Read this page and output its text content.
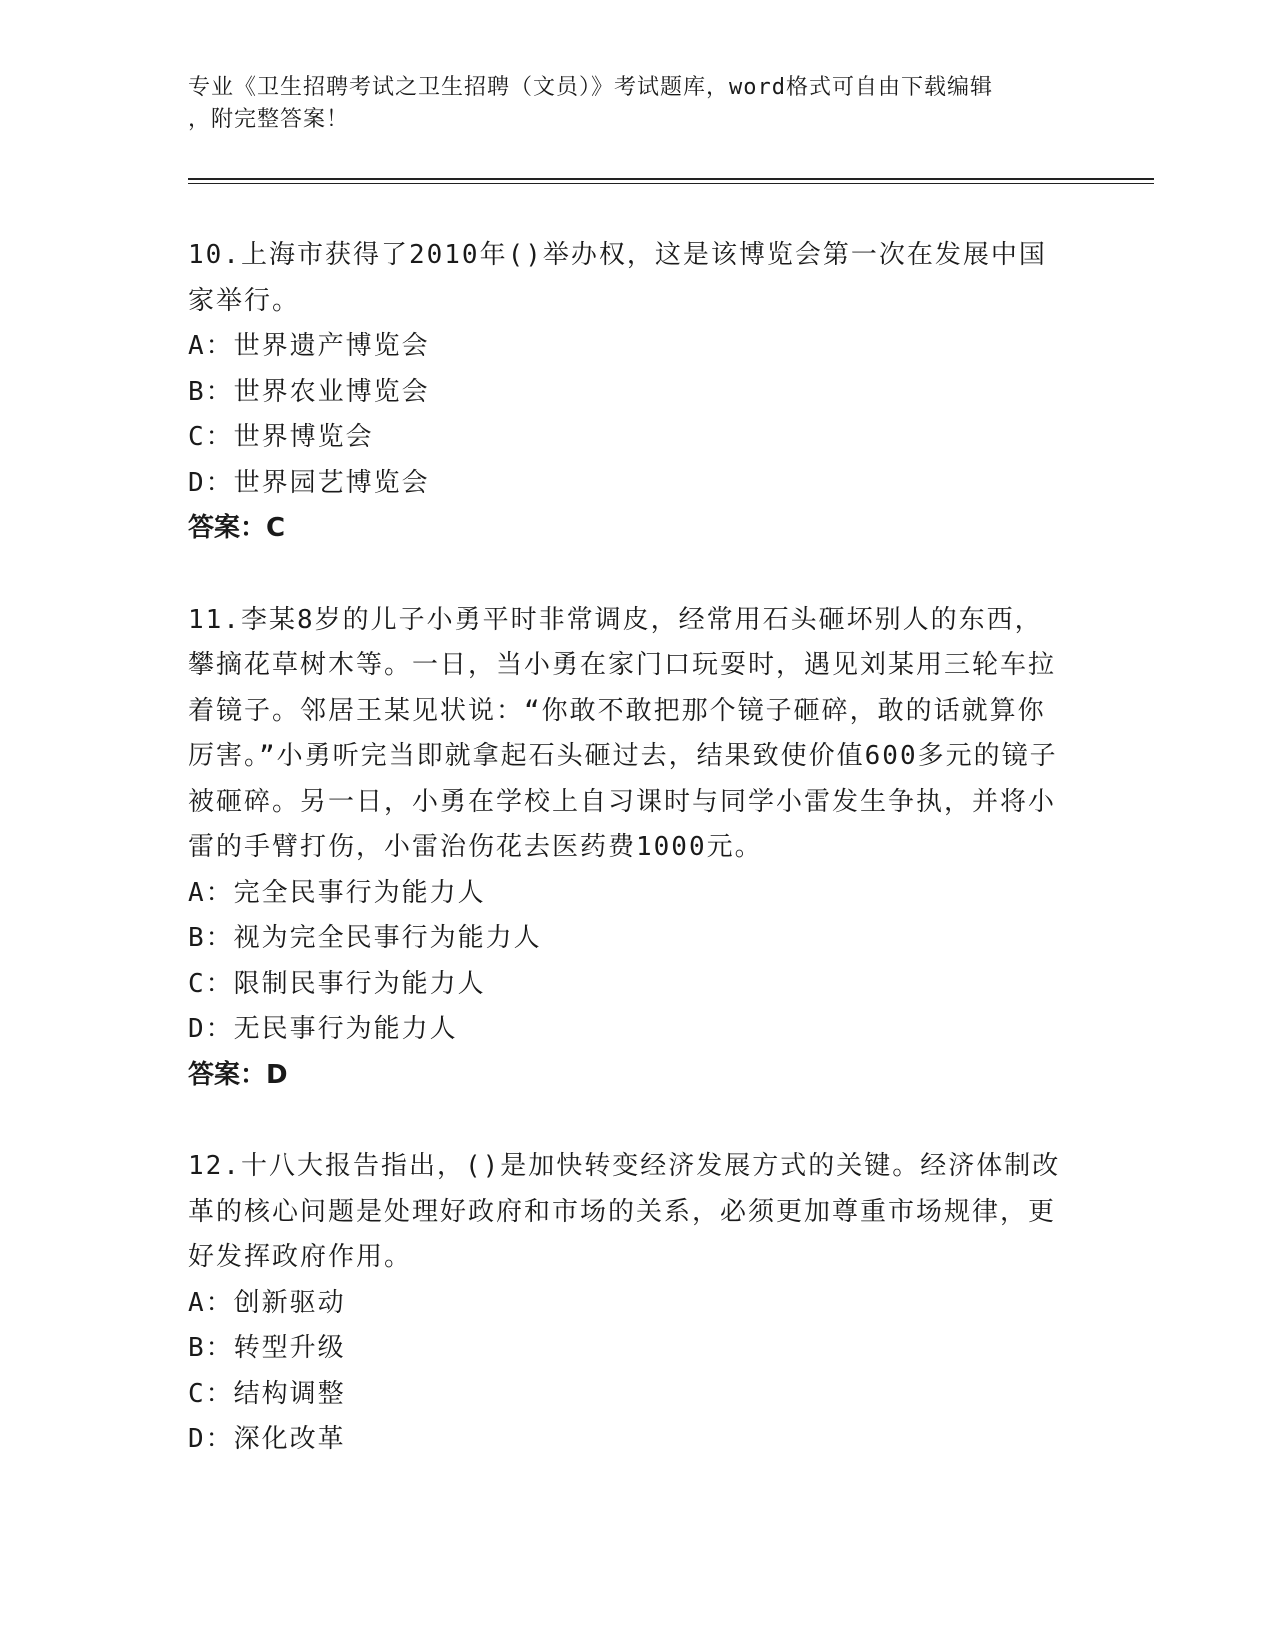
专业《卫生招聘考试之卫生招聘（文员）》考试题库，word格式可自由下载编辑
，附完整答案！
10.上海市获得了2010年()举办权，这是该博览会第一次在发展中国家举行。
A：世界遗产博览会
B：世界农业博览会
C：世界博览会
D：世界园艺博览会
答案：C
11.李某8岁的儿子小勇平时非常调皮，经常用石头砸坏别人的东西，攀摘花草树木等。一日，当小勇在家门口玩耍时，遇见刘某用三轮车拉着镜子。邻居王某见状说：“你敢不敢把那个镜子砸碎，敢的话就算你厉害。”小勇听完当即就拿起石头砸过去，结果致使价值600多元的镜子被砸碎。另一日，小勇在学校上自习课时与同学小雷发生争执，并将小雷的手臂打伤，小雷治伤花去医药费1000元。
A：完全民事行为能力人
B：视为完全民事行为能力人
C：限制民事行为能力人
D：无民事行为能力人
答案：D
12.十八大报告指出，()是加快转变经济发展方式的关键。经济体制改革的核心问题是处理好政府和市场的关系，必须更加尊重市场规律，更好发挥政府作用。
A：创新驱动
B：转型升级
C：结构调整
D：深化改革
